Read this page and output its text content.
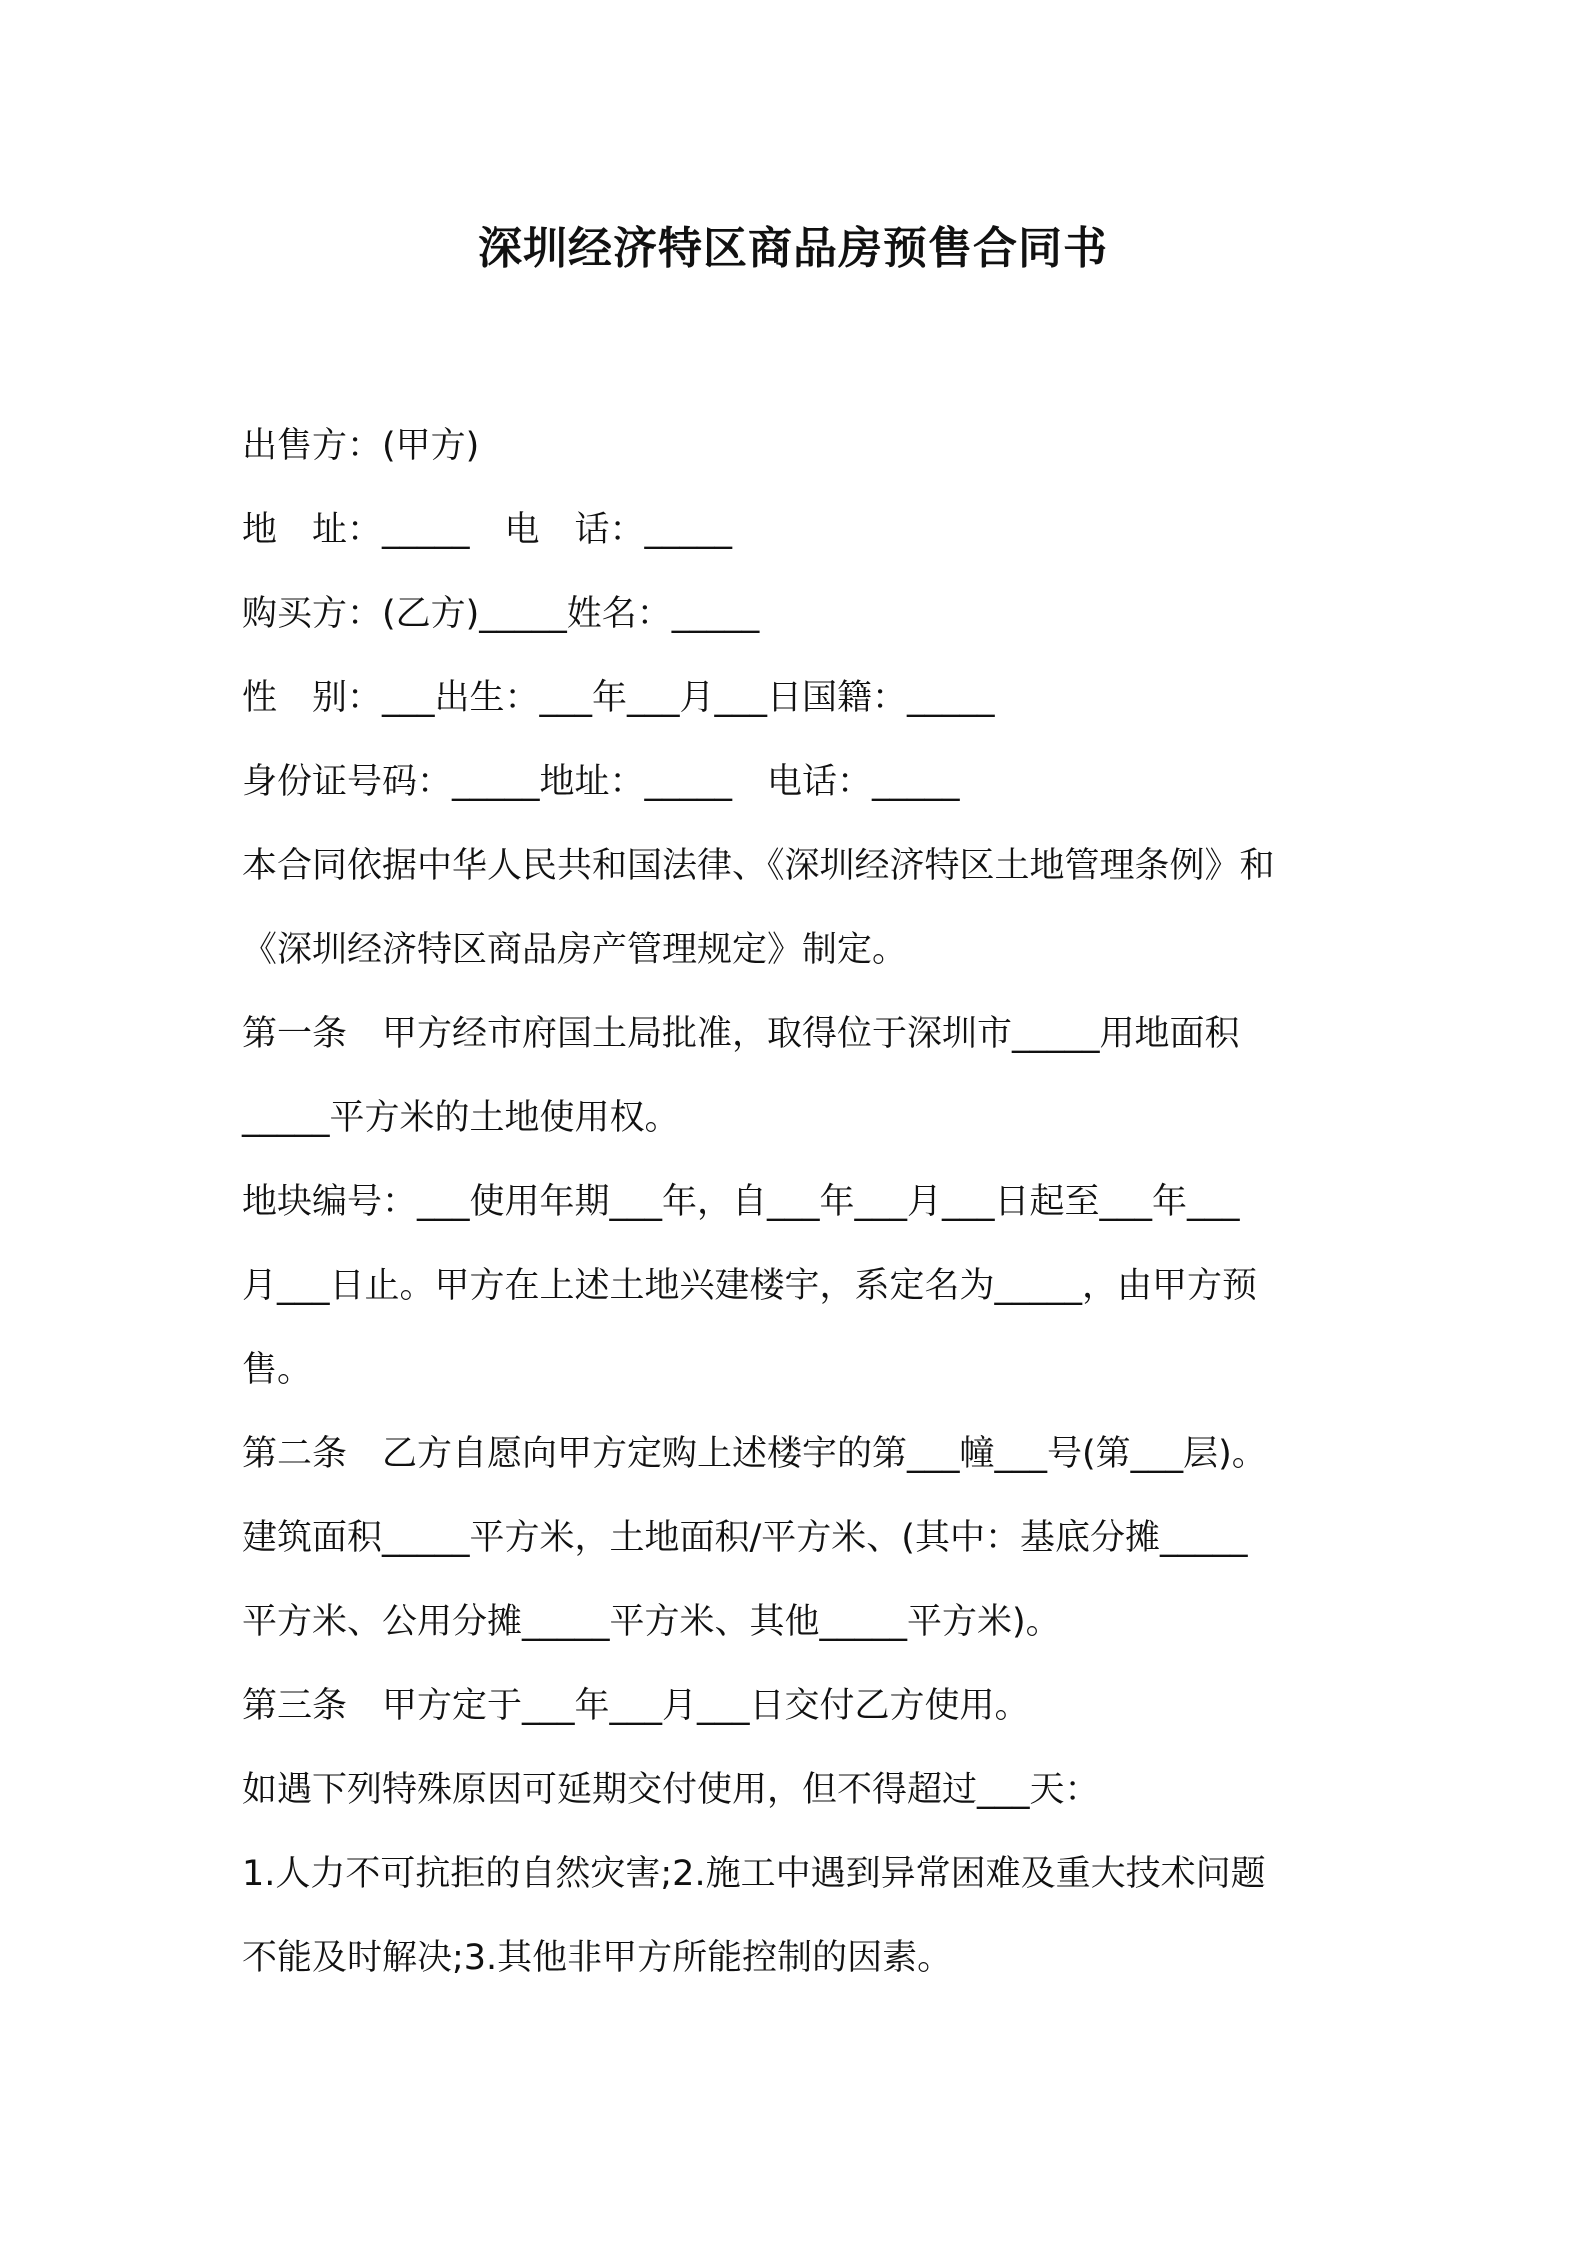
深圳经济特区商品房预售合同书

出售方：(甲方)

地　址：_____　电　话：_____

购买方：(乙方)_____姓名：_____

性　别：___出生：___年___月___日国籍：_____

身份证号码：_____地址：_____　电话：_____

本合同依据中华人民共和国法律、《深圳经济特区土地管理条例》和

《深圳经济特区商品房产管理规定》制定。

第一条　甲方经市府国土局批准，取得位于深圳市_____用地面积

_____平方米的土地使用权。

地块编号：___使用年期___年，自___年___月___日起至___年___

月___日止。甲方在上述土地兴建楼宇，系定名为_____，由甲方预

售。

第二条　乙方自愿向甲方定购上述楼宇的第___幢___号(第___层)。

建筑面积_____平方米，土地面积/平方米、(其中：基底分摊_____

平方米、公用分摊_____平方米、其他_____平方米)。

第三条　甲方定于___年___月___日交付乙方使用。

如遇下列特殊原因可延期交付使用，但不得超过___天：

1.人力不可抗拒的自然灾害;2.施工中遇到异常困难及重大技术问题

不能及时解决;3.其他非甲方所能控制的因素。
